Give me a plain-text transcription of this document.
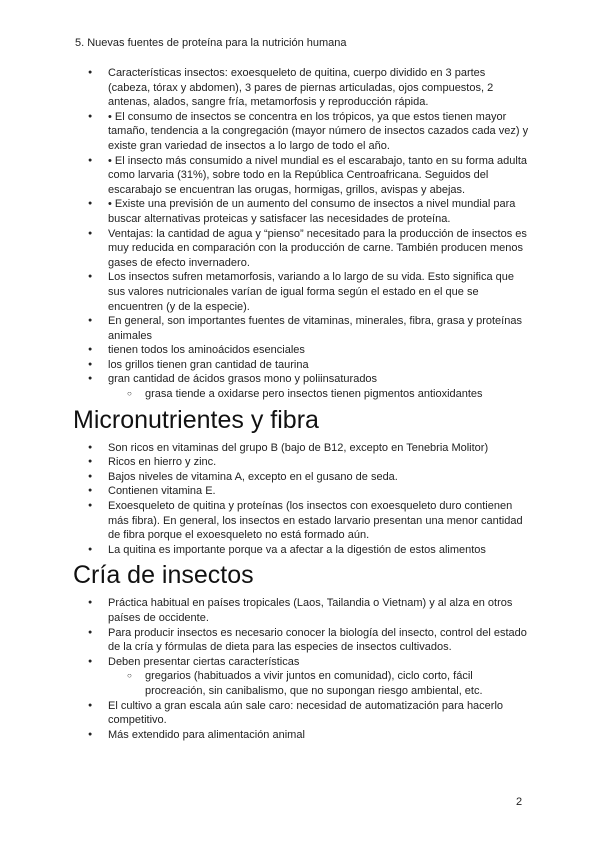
5. Nuevas fuentes de proteína para la nutrición humana

● Características insectos: exoesqueleto de quitina, cuerpo dividido en 3 partes (cabeza, tórax y abdomen), 3 pares de piernas articuladas, ojos compuestos, 2 antenas, alados, sangre fría, metamorfosis y reproducción rápida.
● • El consumo de insectos se concentra en los trópicos, ya que estos tienen mayor tamaño, tendencia a la congregación (mayor número de insectos cazados cada vez) y existe gran variedad de insectos a lo largo de todo el año.
● • El insecto más consumido a nivel mundial es el escarabajo, tanto en su forma adulta como larvaria (31%), sobre todo en la República Centroafricana. Seguidos del escarabajo se encuentran las orugas, hormigas, grillos, avispas y abejas.
● • Existe una previsión de un aumento del consumo de insectos a nivel mundial para buscar alternativas proteicas y satisfacer las necesidades de proteína.
● Ventajas: la cantidad de agua y “pienso” necesitado para la producción de insectos es muy reducida en comparación con la producción de carne. También producen menos gases de efecto invernadero.
● Los insectos sufren metamorfosis, variando a lo largo de su vida. Esto significa que sus valores nutricionales varían de igual forma según el estado en el que se encuentren (y de la especie).
● En general, son importantes fuentes de vitaminas, minerales, fibra, grasa y proteínas animales
● tienen todos los aminoácidos esenciales
● los grillos tienen gran cantidad de taurina
● gran cantidad de ácidos grasos mono y poliinsaturados
○ grasa tiende a oxidarse pero insectos tienen pigmentos antioxidantes
Micronutrientes y fibra
● Son ricos en vitaminas del grupo B (bajo de B12, excepto en Tenebria Molitor)
● Ricos en hierro y zinc.
● Bajos niveles de vitamina A, excepto en el gusano de seda.
● Contienen vitamina E.
● Exoesqueleto de quitina y proteínas (los insectos con exoesqueleto duro contienen más fibra). En general, los insectos en estado larvario presentan una menor cantidad de fibra porque el exoesqueleto no está formado aún.
● La quitina es importante porque va a afectar a la digestión de estos alimentos
Cría de insectos
● Práctica habitual en países tropicales (Laos, Tailandia o Vietnam) y al alza en otros países de occidente.
● Para producir insectos es necesario conocer la biología del insecto, control del estado de la cría y fórmulas de dieta para las especies de insectos cultivados.
● Deben presentar ciertas características
○ gregarios (habituados a vivir juntos en comunidad), ciclo corto, fácil procreación, sin canibalismo, que no supongan riesgo ambiental, etc.
● El cultivo a gran escala aún sale caro: necesidad de automatización para hacerlo competitivo.
● Más extendido para alimentación animal

2
